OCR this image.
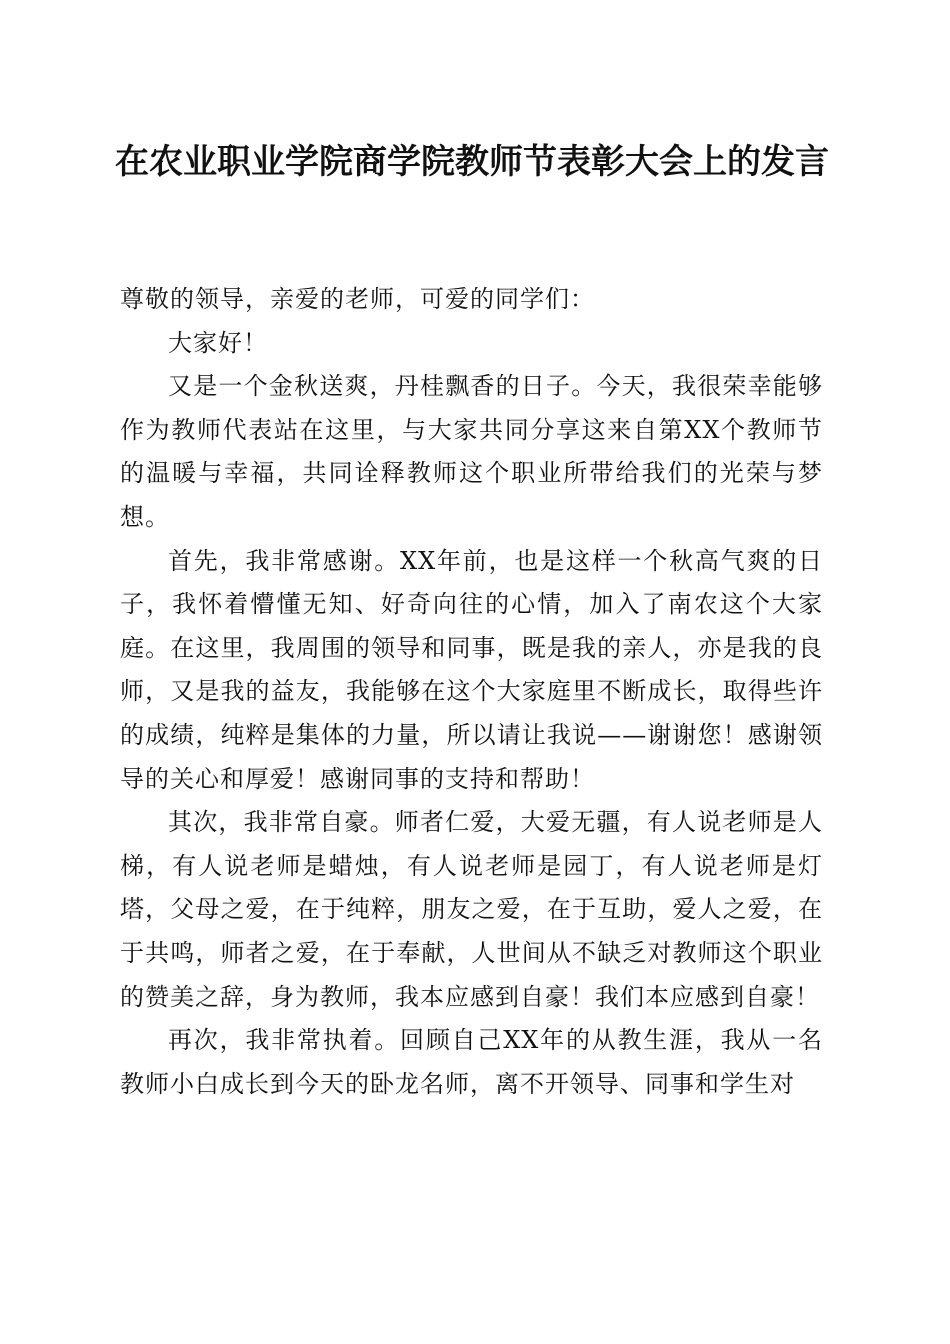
在农业职业学院商学院教师节表彰大会上的发言

尊敬的领导，亲爱的老师，可爱的同学们：

大家好！

又是一个金秋送爽，丹桂飘香的日子。今天，我很荣幸能够作为教师代表站在这里，与大家共同分享这来自第XX个教师节的温暖与幸福，共同诠释教师这个职业所带给我们的光荣与梦想。

首先，我非常感谢。XX年前，也是这样一个秋高气爽的日子，我怀着懵懂无知、好奇向往的心情，加入了南农这个大家庭。在这里，我周围的领导和同事，既是我的亲人，亦是我的良师，又是我的益友，我能够在这个大家庭里不断成长，取得些许的成绩，纯粹是集体的力量，所以请让我说——谢谢您！感谢领导的关心和厚爱！感谢同事的支持和帮助！

其次，我非常自豪。师者仁爱，大爱无疆，有人说老师是人梯，有人说老师是蜡烛，有人说老师是园丁，有人说老师是灯塔，父母之爱，在于纯粹，朋友之爱，在于互助，爱人之爱，在于共鸣，师者之爱，在于奉献，人世间从不缺乏对教师这个职业的赞美之辞，身为教师，我本应感到自豪！我们本应感到自豪！

再次，我非常执着。回顾自己XX年的从教生涯，我从一名教师小白成长到今天的卧龙名师，离不开领导、同事和学生对
